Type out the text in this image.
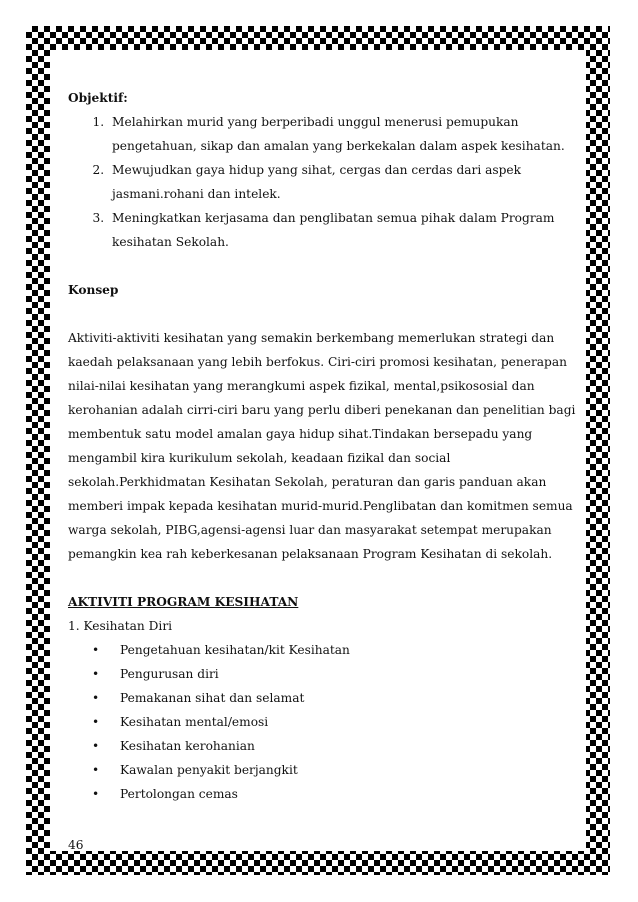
Objektif:

1. Melahirkan murid yang berperibadi unggul menerusi pemupukan pengetahuan, sikap dan amalan yang berkekalan dalam aspek kesihatan.
2. Mewujudkan gaya hidup yang sihat, cergas dan cerdas dari aspek jasmani.rohani dan intelek.
3. Meningkatkan kerjasama dan penglibatan semua pihak dalam Program kesihatan Sekolah.

Konsep

Aktiviti-aktiviti kesihatan yang semakin berkembang memerlukan strategi dan kaedah pelaksanaan yang lebih berfokus. Ciri-ciri promosi kesihatan, penerapan nilai-nilai kesihatan yang merangkumi aspek fizikal, mental,psikososial dan kerohanian adalah cirri-ciri baru yang perlu diberi penekanan dan penelitian bagi membentuk satu model amalan gaya hidup sihat.Tindakan bersepadu yang mengambil kira kurikulum sekolah, keadaan fizikal dan social sekolah.Perkhidmatan Kesihatan Sekolah, peraturan dan garis panduan akan memberi impak kepada kesihatan murid-murid.Penglibatan dan komitmen semua warga sekolah, PIBG,agensi-agensi luar dan masyarakat setempat merupakan pemangkin kea rah keberkesanan pelaksanaan Program Kesihatan di sekolah.

AKTIVITI PROGRAM KESIHATAN

1. Kesihatan Diri

• Pengetahuan kesihatan/kit Kesihatan
• Pengurusan diri
• Pemakanan sihat dan selamat
• Kesihatan mental/emosi
• Kesihatan kerohanian
• Kawalan penyakit berjangkit
• Pertolongan cemas
46
